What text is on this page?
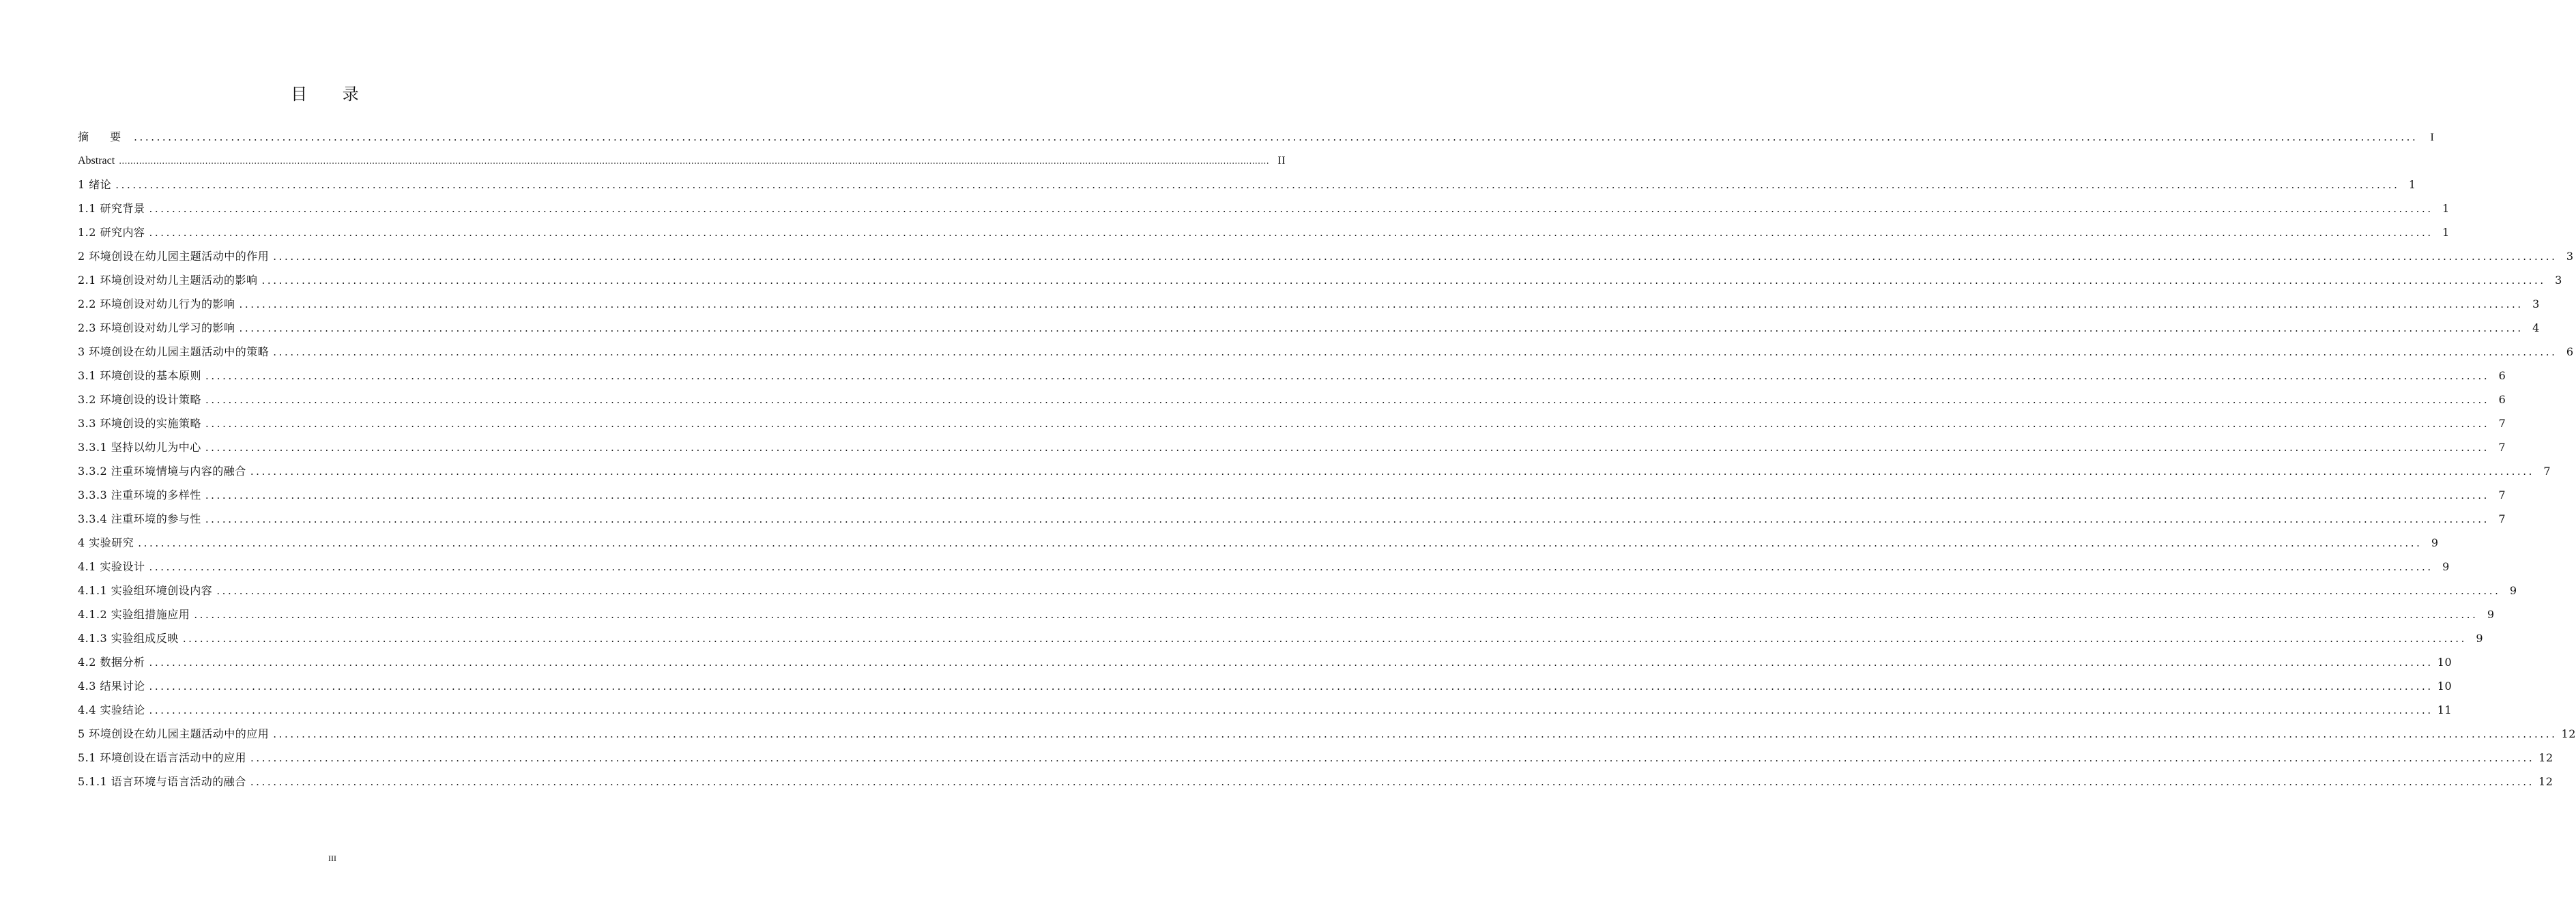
目 录
摘 要 ................................................................................................................................................................................................................................................................................................................................................................................................................	I
Abstract ................................................................................................................................................................................................................................................................................................................................................................................................................ II
1 绪论 ................................................................................................................................................................................................................................................................................................................................................................................................................ 1
1.1 研究背景 ................................................................................................................................................................................................................................................................................................................................................................................................................ 1
1.2 研究内容 ................................................................................................................................................................................................................................................................................................................................................................................................................ 1
2 环境创设在幼儿园主题活动中的作用 ................................................................................................................................................................................................................................................................................................................................................................................................................ 3
2.1 环境创设对幼儿主题活动的影响 ................................................................................................................................................................................................................................................................................................................................................................................................................ 3
2.2 环境创设对幼儿行为的影响 ................................................................................................................................................................................................................................................................................................................................................................................................................ 3
2.3 环境创设对幼儿学习的影响 ................................................................................................................................................................................................................................................................................................................................................................................................................ 4
3 环境创设在幼儿园主题活动中的策略 ................................................................................................................................................................................................................................................................................................................................................................................................................ 6
3.1 环境创设的基本原则 ................................................................................................................................................................................................................................................................................................................................................................................................................ 6
3.2 环境创设的设计策略 ................................................................................................................................................................................................................................................................................................................................................................................................................ 6
3.3 环境创设的实施策略 ................................................................................................................................................................................................................................................................................................................................................................................................................ 7
3.3.1 坚持以幼儿为中心 ................................................................................................................................................................................................................................................................................................................................................................................................................ 7
3.3.2 注重环境情境与内容的融合 ................................................................................................................................................................................................................................................................................................................................................................................................................ 7
3.3.3 注重环境的多样性 ................................................................................................................................................................................................................................................................................................................................................................................................................ 7
3.3.4 注重环境的参与性 ................................................................................................................................................................................................................................................................................................................................................................................................................ 7
4 实验研究 ................................................................................................................................................................................................................................................................................................................................................................................................................ 9
4.1 实验设计 ................................................................................................................................................................................................................................................................................................................................................................................................................ 9
4.1.1 实验组环境创设内容 ................................................................................................................................................................................................................................................................................................................................................................................................................ 9
4.1.2 实验组措施应用 ................................................................................................................................................................................................................................................................................................................................................................................................................ 9
4.1.3 实验组成反映 ................................................................................................................................................................................................................................................................................................................................................................................................................ 9
4.2 数据分析 ................................................................................................................................................................................................................................................................................................................................................................................................................ 10
4.3 结果讨论 ................................................................................................................................................................................................................................................................................................................................................................................................................ 10
4.4 实验结论 ................................................................................................................................................................................................................................................................................................................................................................................................................ 11
5 环境创设在幼儿园主题活动中的应用 ................................................................................................................................................................................................................................................................................................................................................................................................................ 12
5.1 环境创设在语言活动中的应用 ................................................................................................................................................................................................................................................................................................................................................................................................................ 12
5.1.1 语言环境与语言活动的融合 ................................................................................................................................................................................................................................................................................................................................................................................................................ 12
III
